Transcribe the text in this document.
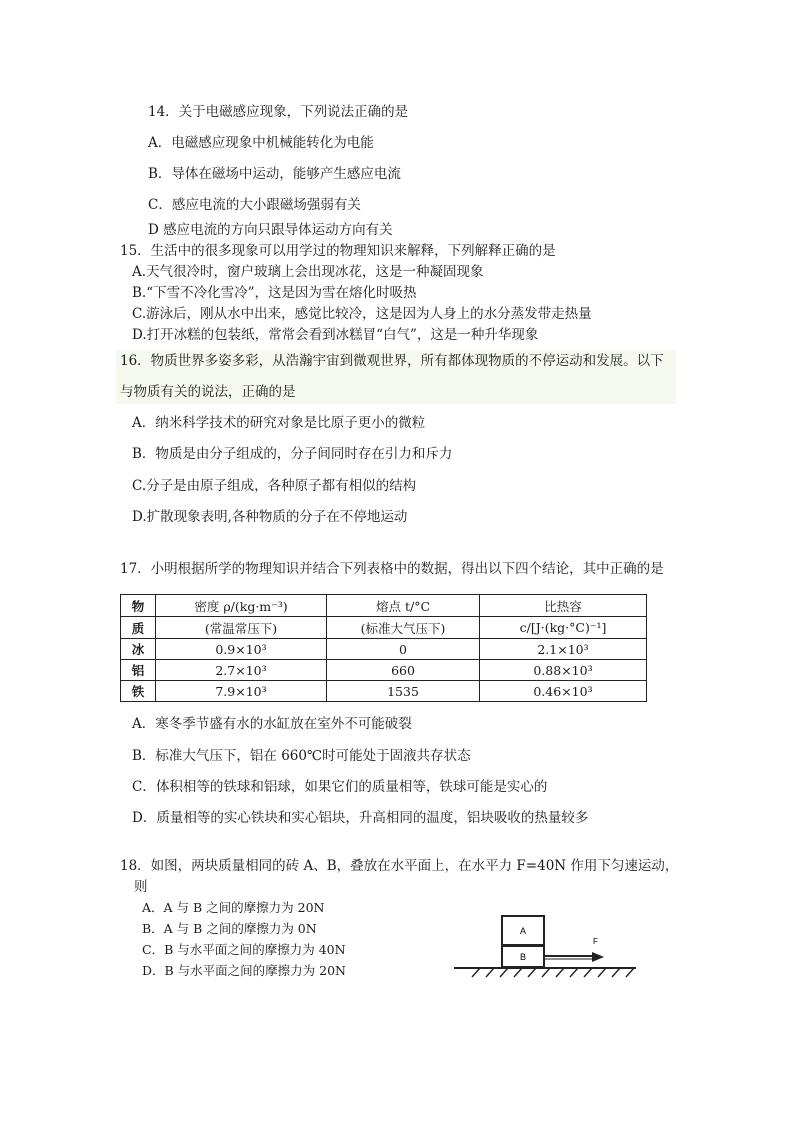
14．关于电磁感应现象，下列说法正确的是
A．电磁感应现象中机械能转化为电能
B．导体在磁场中运动，能够产生感应电流
C．感应电流的大小跟磁场强弱有关
D 感应电流的方向只跟导体运动方向有关
15．生活中的很多现象可以用学过的物理知识来解释，下列解释正确的是
A.天气很冷时，窗户玻璃上会出现冰花，这是一种凝固现象
B.“下雪不冷化雪冷”，这是因为雪在熔化时吸热
C.游泳后，刚从水中出来，感觉比较冷，这是因为人身上的水分蒸发带走热量
D.打开冰糕的包装纸，常常会看到冰糕冒“白气”，这是一种升华现象
16．物质世界多姿多彩，从浩瀚宇宙到微观世界，所有都体现物质的不停运动和发展。以下
与物质有关的说法，正确的是
A．纳米科学技术的研究对象是比原子更小的微粒
B．物质是由分子组成的，分子间同时存在引力和斥力
C.分子是由原子组成，各种原子都有相似的结构
D.扩散现象表明,各种物质的分子在不停地运动
17．小明根据所学的物理知识并结合下列表格中的数据，得出以下四个结论，其中正确的是
物	密度 ρ/(kg·m⁻³)	熔点 t/°C	比热容
质	(常温常压下)	(标准大气压下)	c/[J·(kg·°C)⁻¹]
冰	0.9×10³	0	2.1×10³
铝	2.7×10³	660	0.88×10³
铁	7.9×10³	1535	0.46×10³
A．寒冬季节盛有水的水缸放在室外不可能破裂
B．标准大气压下，铝在 660℃时可能处于固液共存状态
C．体积相等的铁球和铝球，如果它们的质量相等，铁球可能是实心的
D．质量相等的实心铁块和实心铝块，升高相同的温度，铝块吸收的热量较多
18．如图，两块质量相同的砖 A、B，叠放在水平面上，在水平力 F=40N 作用下匀速运动，
则
A．A 与 B 之间的摩擦力为 20N
B．A 与 B 之间的摩擦力为 0N
C．B 与水平面之间的摩擦力为 40N
D．B 与水平面之间的摩擦力为 20N
A
B
F
